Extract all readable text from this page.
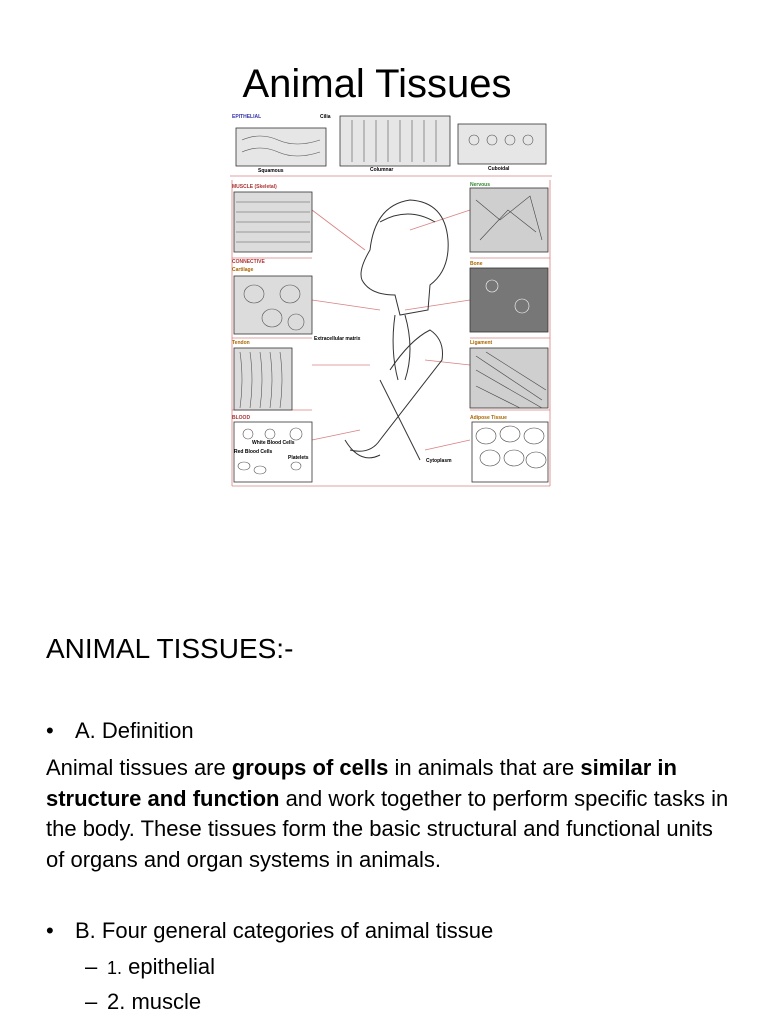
Animal Tissues
EPITHELIAL	Cilia
Squamous	Columnar	Cuboidal
MUSCLE (Skeletal)	Nervous
CONNECTIVE
Cartilage
Bone
Tendon
Extracellular matrix
Ligament
BLOOD	Adipose Tissue
White Blood Cells
Red Blood Cells
Platelets	Cytoplasm
ANIMAL TISSUES:-
• A. Definition

Animal tissues are groups of cells in animals that are similar in structure and function and work together to perform specific tasks in the body. These tissues form the basic structural and functional units of organs and organ systems in animals.

• B. Four general categories of animal tissue
– 1. epithelial
– 2. muscle
